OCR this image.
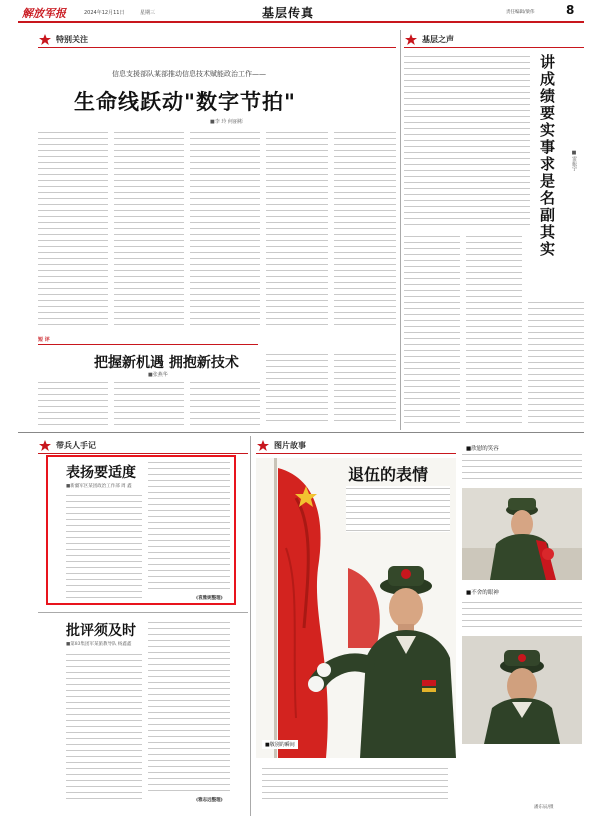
解放军报	2024年12月11日	星期三	基层传真	责任编辑/梁伟	8
特别关注
信息支援部队某部推动信息技术赋能政治工作——
生命线跃动"数字节拍"
■李 玲 何丽彬
短 评
把握新机遇 拥抱新技术
■张燕华
基层之声
讲成绩要实事求是名副其实	■雷振宇
带兵人手记
表扬要适度
■新疆军区某团政治工作部 周 鑫
(袁雅妮整理)
批评须及时
■第83集团军某旅教导队 杨鑫鑫
(雅志远整理)
图片故事
退伍的表情
■敬别的瞬间
■欣慰的笑容
■不舍的眼神
潘东辰/摄
